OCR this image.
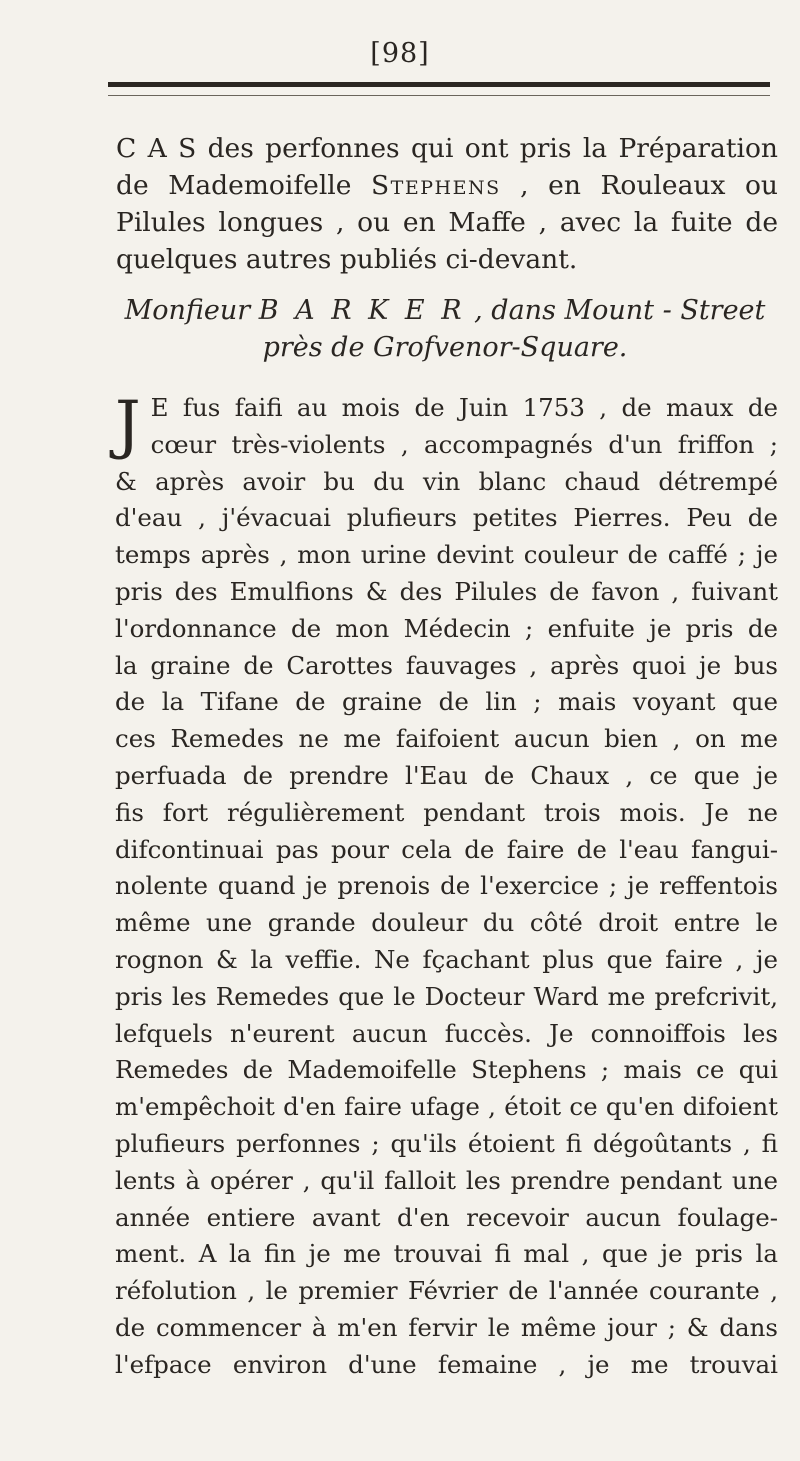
[98]
C A S des perfonnes qui ont pris la Préparation de Mademoifelle Stephens , en Rouleaux ou Pilules longues , ou en Maffe , avec la fuite de quelques autres publiés ci-devant.
Monfieur B A R K E R , dans Mount - Street
près de Grofvenor-Square.
J E fus faifi au mois de Juin 1753 , de maux de
cœur très-violents , accompagnés d'un friffon ;
& après avoir bu du vin blanc chaud détrempé
d'eau , j'évacuai plufieurs petites Pierres. Peu de
temps après , mon urine devint couleur de caffé ; je
pris des Emulfions & des Pilules de favon , fuivant
l'ordonnance de mon Médecin ; enfuite je pris de
la graine de Carottes fauvages , après quoi je bus
de la Tifane de graine de lin ; mais voyant que
ces Remedes ne me faifoient aucun bien , on me
perfuada de prendre l'Eau de Chaux , ce que je
fis fort régulièrement pendant trois mois. Je ne
difcontinuai pas pour cela de faire de l'eau fangui-
nolente quand je prenois de l'exercice ; je reffentois
même une grande douleur du côté droit entre le
rognon & la veffie. Ne fçachant plus que faire , je
pris les Remedes que le Docteur Ward me prefcrivit,
lefquels n'eurent aucun fuccès. Je connoiffois les
Remedes de Mademoifelle Stephens ; mais ce qui
m'empêchoit d'en faire ufage , étoit ce qu'en difoient
plufieurs perfonnes ; qu'ils étoient fi dégoûtants , fi
lents à opérer , qu'il falloit les prendre pendant une
année entiere avant d'en recevoir aucun foulage-
ment. A la fin je me trouvai fi mal , que je pris la
réfolution , le premier Février de l'année courante ,
de commencer à m'en fervir le même jour ; & dans
l'efpace environ d'une femaine , je me trouvai
